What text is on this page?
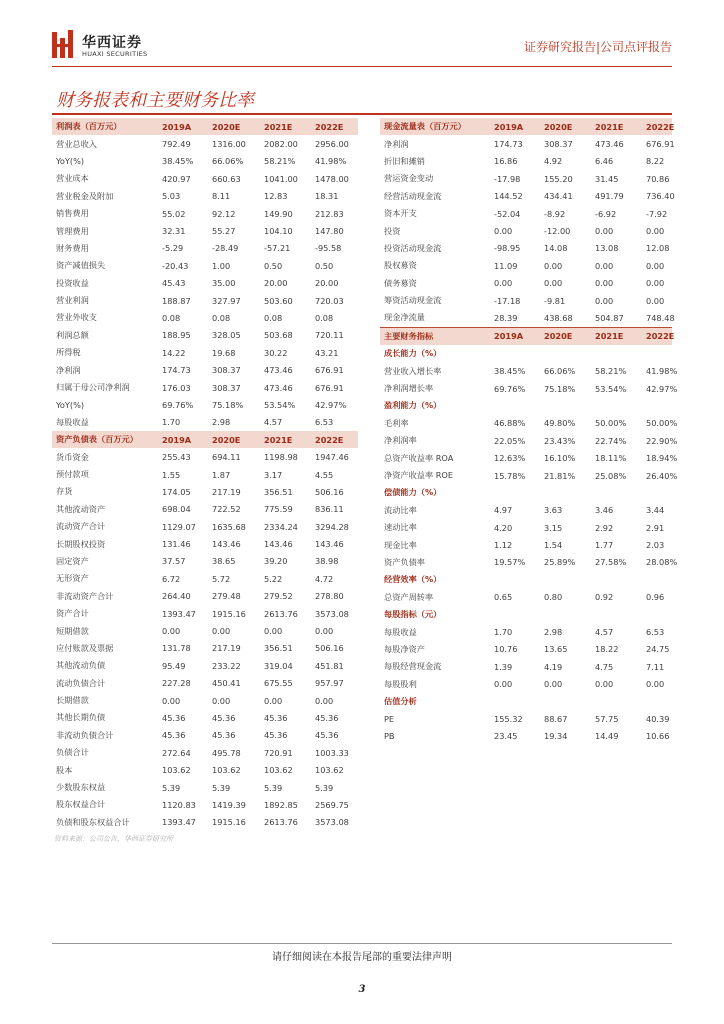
华西证券
HUAXI SECURITIES	证券研究报告|公司点评报告
财务报表和主要财务比率
利润表（百万元）	2019A	2020E	2021E	2022E
营业总收入	792.49	1316.00	2082.00	2956.00
YoY(%)	38.45%	66.06%	58.21%	41.98%
营业成本	420.97	660.63	1041.00	1478.00
营业税金及附加	5.03	8.11	12.83	18.31
销售费用	55.02	92.12	149.90	212.83
管理费用	32.31	55.27	104.10	147.80
财务费用	-5.29	-28.49	-57.21	-95.58
资产减值损失	-20.43	1.00	0.50	0.50
投资收益	45.43	35.00	20.00	20.00
营业利润	188.87	327.97	503.60	720.03
营业外收支	0.08	0.08	0.08	0.08
利润总额	188.95	328.05	503.68	720.11
所得税	14.22	19.68	30.22	43.21
净利润	174.73	308.37	473.46	676.91
归属于母公司净利润	176.03	308.37	473.46	676.91
YoY(%)	69.76%	75.18%	53.54%	42.97%
每股收益	1.70	2.98	4.57	6.53
资产负债表（百万元）	2019A	2020E	2021E	2022E
货币资金	255.43	694.11	1198.98	1947.46
预付款项	1.55	1.87	3.17	4.55
存货	174.05	217.19	356.51	506.16
其他流动资产	698.04	722.52	775.59	836.11
流动资产合计	1129.07	1635.68	2334.24	3294.28
长期股权投资	131.46	143.46	143.46	143.46
固定资产	37.57	38.65	39.20	38.98
无形资产	6.72	5.72	5.22	4.72
非流动资产合计	264.40	279.48	279.52	278.80
资产合计	1393.47	1915.16	2613.76	3573.08
短期借款	0.00	0.00	0.00	0.00
应付账款及票据	131.78	217.19	356.51	506.16
其他流动负债	95.49	233.22	319.04	451.81
流动负债合计	227.28	450.41	675.55	957.97
长期借款	0.00	0.00	0.00	0.00
其他长期负债	45.36	45.36	45.36	45.36
非流动负债合计	45.36	45.36	45.36	45.36
负债合计	272.64	495.78	720.91	1003.33
股本	103.62	103.62	103.62	103.62
少数股东权益	5.39	5.39	5.39	5.39
股东权益合计	1120.83	1419.39	1892.85	2569.75
负债和股东权益合计	1393.47	1915.16	2613.76	3573.08
现金流量表（百万元）	2019A	2020E	2021E	2022E
净利润	174.73	308.37	473.46	676.91
折旧和摊销	16.86	4.92	6.46	8.22
营运资金变动	-17.98	155.20	31.45	70.86
经营活动现金流	144.52	434.41	491.79	736.40
资本开支	-52.04	-8.92	-6.92	-7.92
投资	0.00	-12.00	0.00	0.00
投资活动现金流	-98.95	14.08	13.08	12.08
股权募资	11.09	0.00	0.00	0.00
债务募资	0.00	0.00	0.00	0.00
筹资活动现金流	-17.18	-9.81	0.00	0.00
现金净流量	28.39	438.68	504.87	748.48
主要财务指标	2019A	2020E	2021E	2022E
成长能力（%）				
营业收入增长率	38.45%	66.06%	58.21%	41.98%
净利润增长率	69.76%	75.18%	53.54%	42.97%
盈利能力（%）				
毛利率	46.88%	49.80%	50.00%	50.00%
净利润率	22.05%	23.43%	22.74%	22.90%
总资产收益率 ROA	12.63%	16.10%	18.11%	18.94%
净资产收益率 ROE	15.78%	21.81%	25.08%	26.40%
偿债能力（%）				
流动比率	4.97	3.63	3.46	3.44
速动比率	4.20	3.15	2.92	2.91
现金比率	1.12	1.54	1.77	2.03
资产负债率	19.57%	25.89%	27.58%	28.08%
经营效率（%）				
总资产周转率	0.65	0.80	0.92	0.96
每股指标（元）				
每股收益	1.70	2.98	4.57	6.53
每股净资产	10.76	13.65	18.22	24.75
每股经营现金流	1.39	4.19	4.75	7.11
每股股利	0.00	0.00	0.00	0.00
估值分析				
PE	155.32	88.67	57.75	40.39
PB	23.45	19.34	14.49	10.66
资料来源：公司公告，华西证券研究所
请仔细阅读在本报告尾部的重要法律声明
3
